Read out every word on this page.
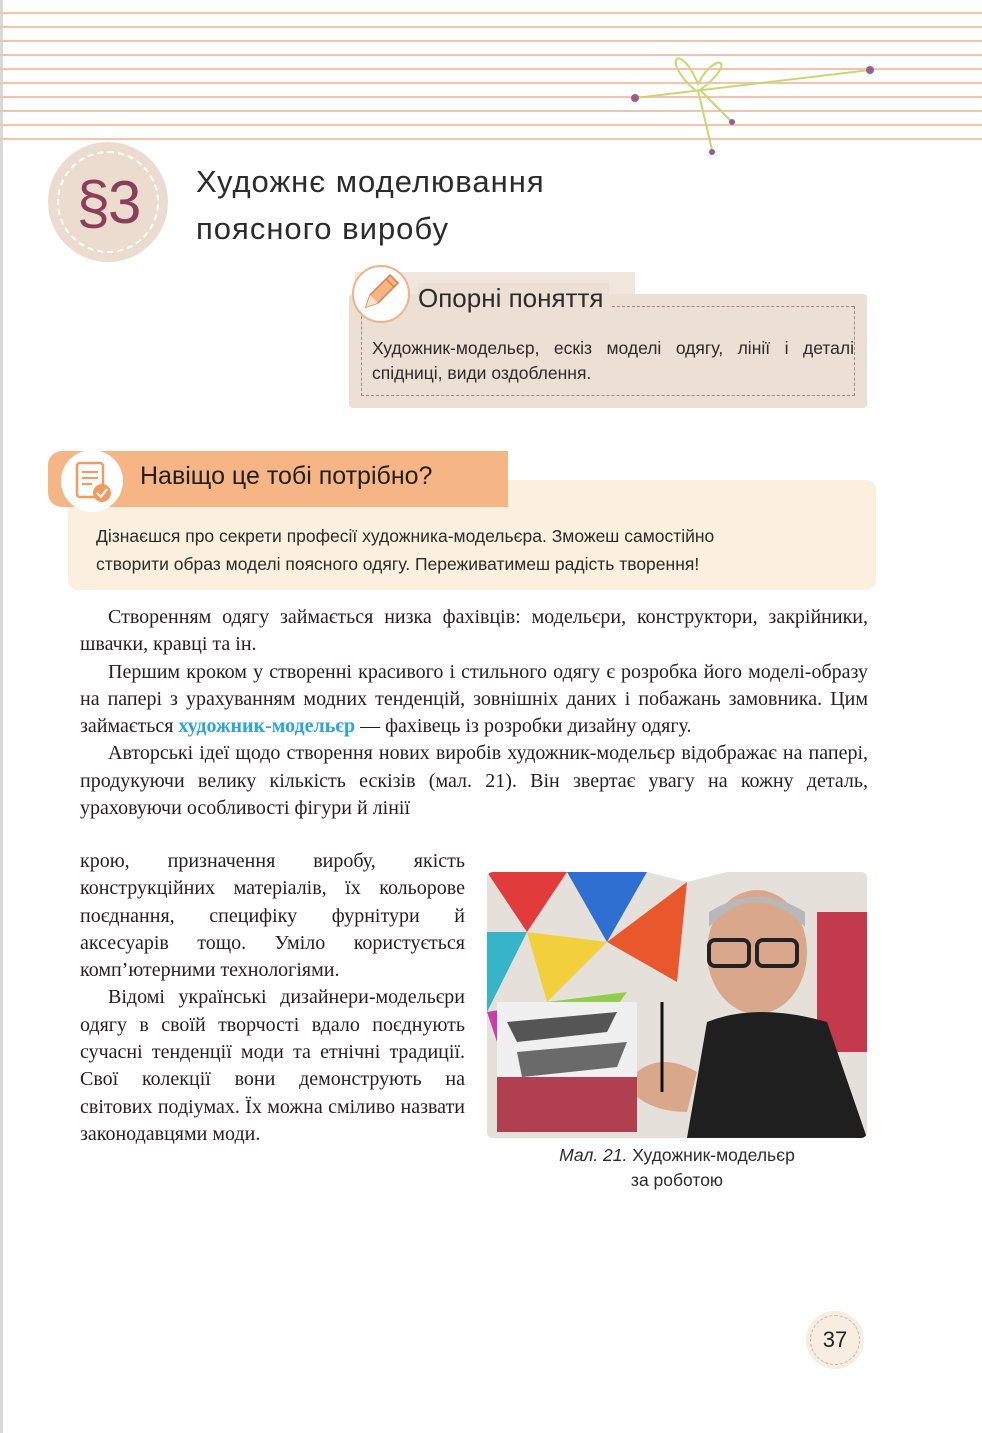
§3 Художнє моделювання
поясного виробу
Опорні поняття
Художник-модельєр, ескіз моделі одягу, лінії і деталі спідниці, види оздоблення.
Навіщо це тобі потрібно?
Дізнаєшся про секрети професії художника-модельєра. Зможеш самостійно
створити образ моделі поясного одягу. Переживатимеш радість творення!

Створенням одягу займається низка фахівців: модельєри, конструктори, закрійники, швачки, кравці та ін.

Першим кроком у створенні красивого і стильного одягу є розробка його моделі-образу на папері з урахуванням модних тенденцій, зовнішніх даних і побажань замовника. Цим займається художник-модельєр — фахівець із розробки дизайну одягу.

Авторські ідеї щодо створення нових виробів художник-модельєр відображає на папері, продукуючи велику кількість ескізів (мал. 21). Він звертає увагу на кожну деталь, ураховуючи особливості фігури й лінії

крою, призначення виробу, якість конструкційних матеріалів, їх кольорове поєднання, специфіку фурнітури й аксесуарів тощо. Уміло користується комп’ютерними технологіями.

Відомі українські дизайнери-модельєри одягу в своїй творчості вдало поєднують сучасні тенденції моди та етнічні традиції. Свої колекції вони демонструють на світових подіумах. Їх можна сміливо назвати законодавцями моди.

Мал. 21. Художник-модельєр
за роботою
37
